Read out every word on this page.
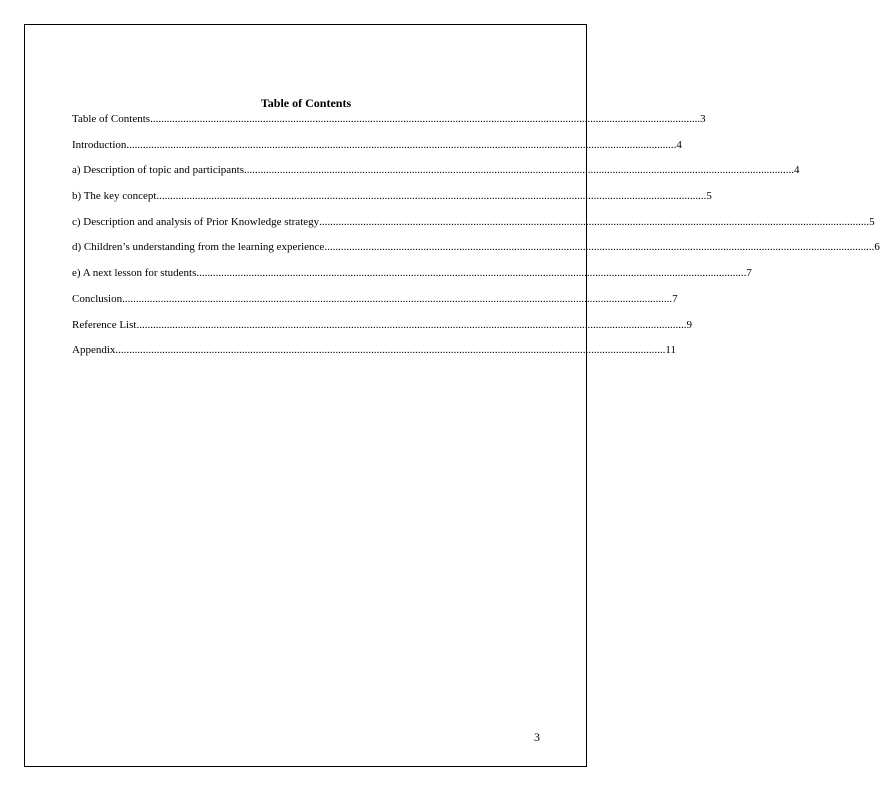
Table of Contents
Table of Contents ........................................................................................................................................................................................................ 3
Introduction ........................................................................................................................................................................................................ 4
a) Description of topic and participants ........................................................................................................................................................................................................ 4
b) The key concept ........................................................................................................................................................................................................ 5
c) Description and analysis of Prior Knowledge strategy ........................................................................................................................................................................................................ 5
d) Children’s understanding from the learning experience ........................................................................................................................................................................................................ 6
e) A next lesson for students ........................................................................................................................................................................................................ 7
Conclusion ........................................................................................................................................................................................................ 7
Reference List ........................................................................................................................................................................................................ 9
Appendix ........................................................................................................................................................................................................ 11
3
